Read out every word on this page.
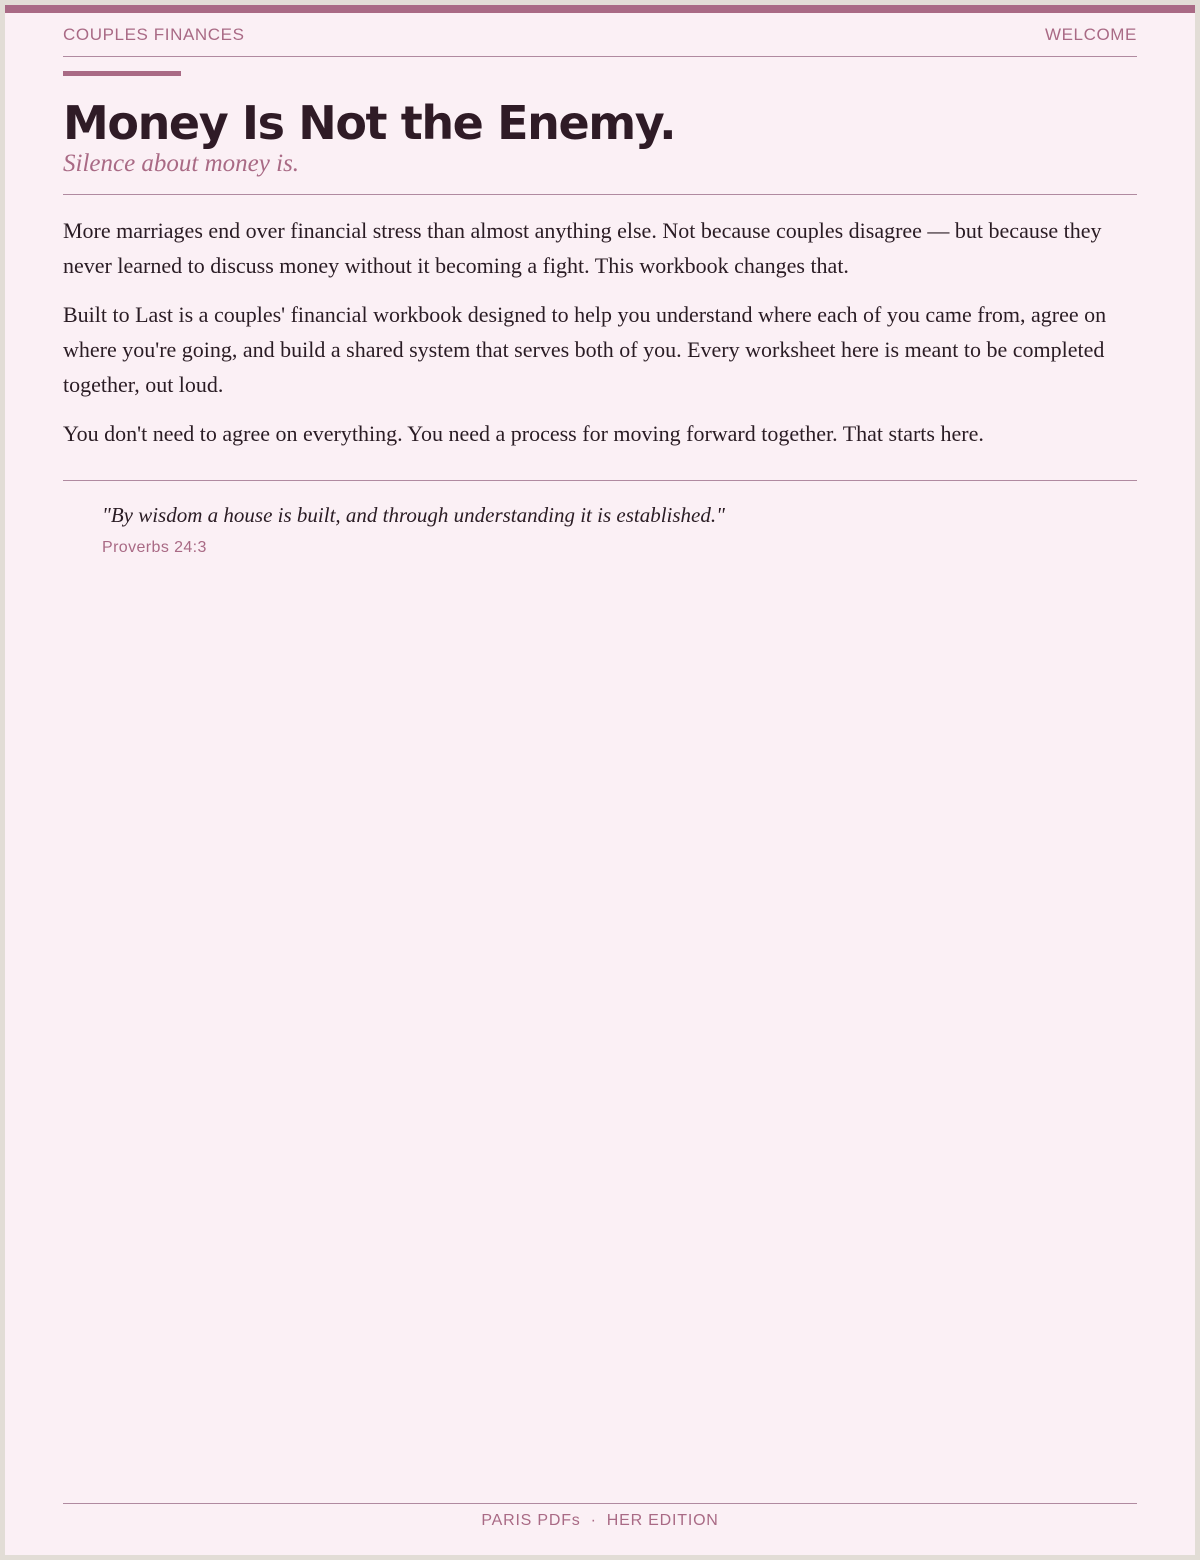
COUPLES FINANCES	WELCOME
Money Is Not the Enemy.

Silence about money is.

More marriages end over financial stress than almost anything else. Not because couples disagree — but because they never learned to discuss money without it becoming a fight. This workbook changes that.

Built to Last is a couples' financial workbook designed to help you understand where each of you came from, agree on where you're going, and build a shared system that serves both of you. Every worksheet here is meant to be completed together, out loud.

You don't need to agree on everything. You need a process for moving forward together. That starts here.

"By wisdom a house is built, and through understanding it is established."

Proverbs 24:3

PARIS PDFs · HER EDITION
